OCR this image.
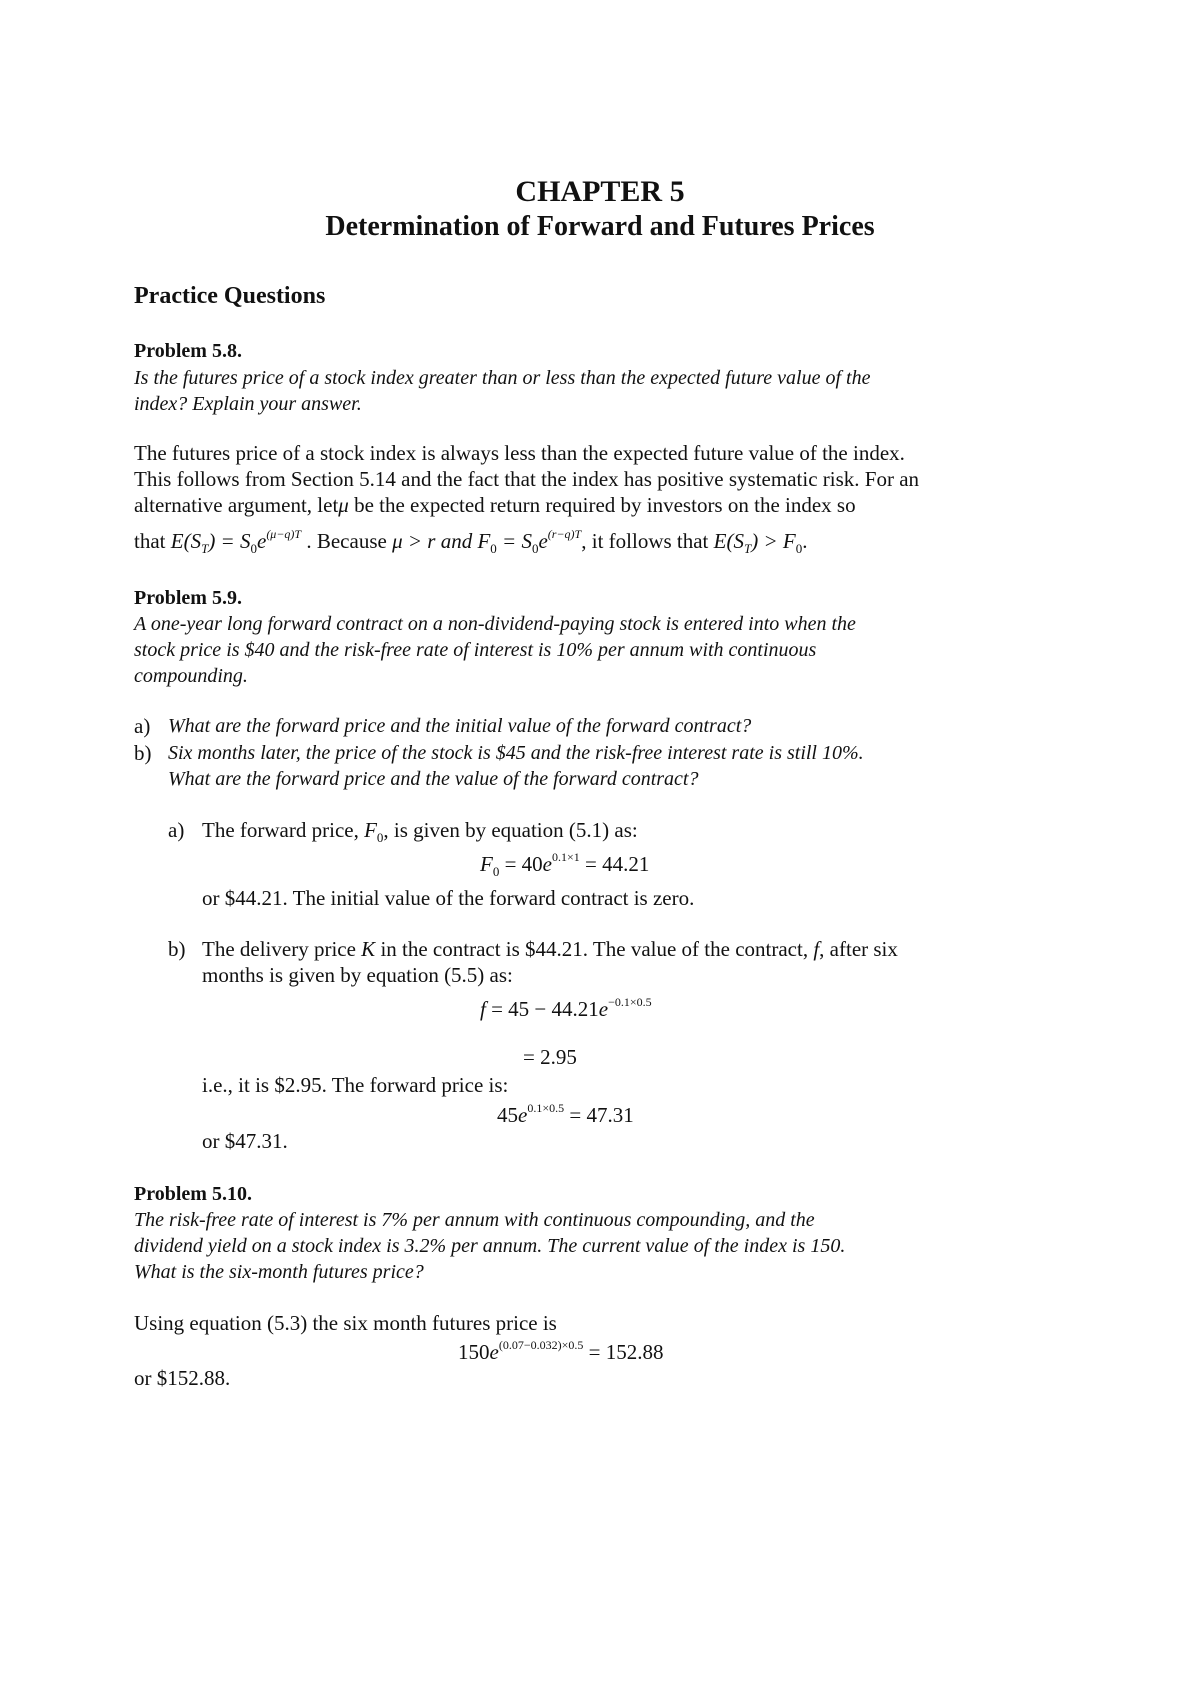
CHAPTER 5
Determination of Forward and Futures Prices
Practice Questions
Problem 5.8.
Is the futures price of a stock index greater than or less than the expected future value of the
index? Explain your answer.
The futures price of a stock index is always less than the expected future value of the index.
This follows from Section 5.14 and the fact that the index has positive systematic risk. For an
alternative argument, letμ be the expected return required by investors on the index so
that $E(S_T) = S_0e^{(\mu-q)T}$ . Because μ > r and $F_0 = S_0e^{(r-q)T}$, it follows that $E(S_T) > F_0$.
Problem 5.9.
A one-year long forward contract on a non-dividend-paying stock is entered into when the
stock price is $40 and the risk-free rate of interest is 10% per annum with continuous
compounding.
a) What are the forward price and the initial value of the forward contract?
b) Six months later, the price of the stock is $45 and the risk-free interest rate is still 10%.
What are the forward price and the value of the forward contract?
a) The forward price, $F_0$, is given by equation (5.1) as:
$F_0 = 40e^{0.1\times 1} = 44.21$
or $44.21. The initial value of the forward contract is zero.
b) The delivery price K in the contract is $44.21. The value of the contract, f, after six
months is given by equation (5.5) as:
$f = 45 - 44.21e^{-0.1\times 0.5}$
= 2.95
i.e., it is $2.95. The forward price is:
$45e^{0.1\times 0.5} = 47.31$
or $47.31.
Problem 5.10.
The risk-free rate of interest is 7% per annum with continuous compounding, and the
dividend yield on a stock index is 3.2% per annum. The current value of the index is 150.
What is the six-month futures price?
Using equation (5.3) the six month futures price is
$150e^{(0.07-0.032)\times 0.5} = 152.88$
or $152.88.
